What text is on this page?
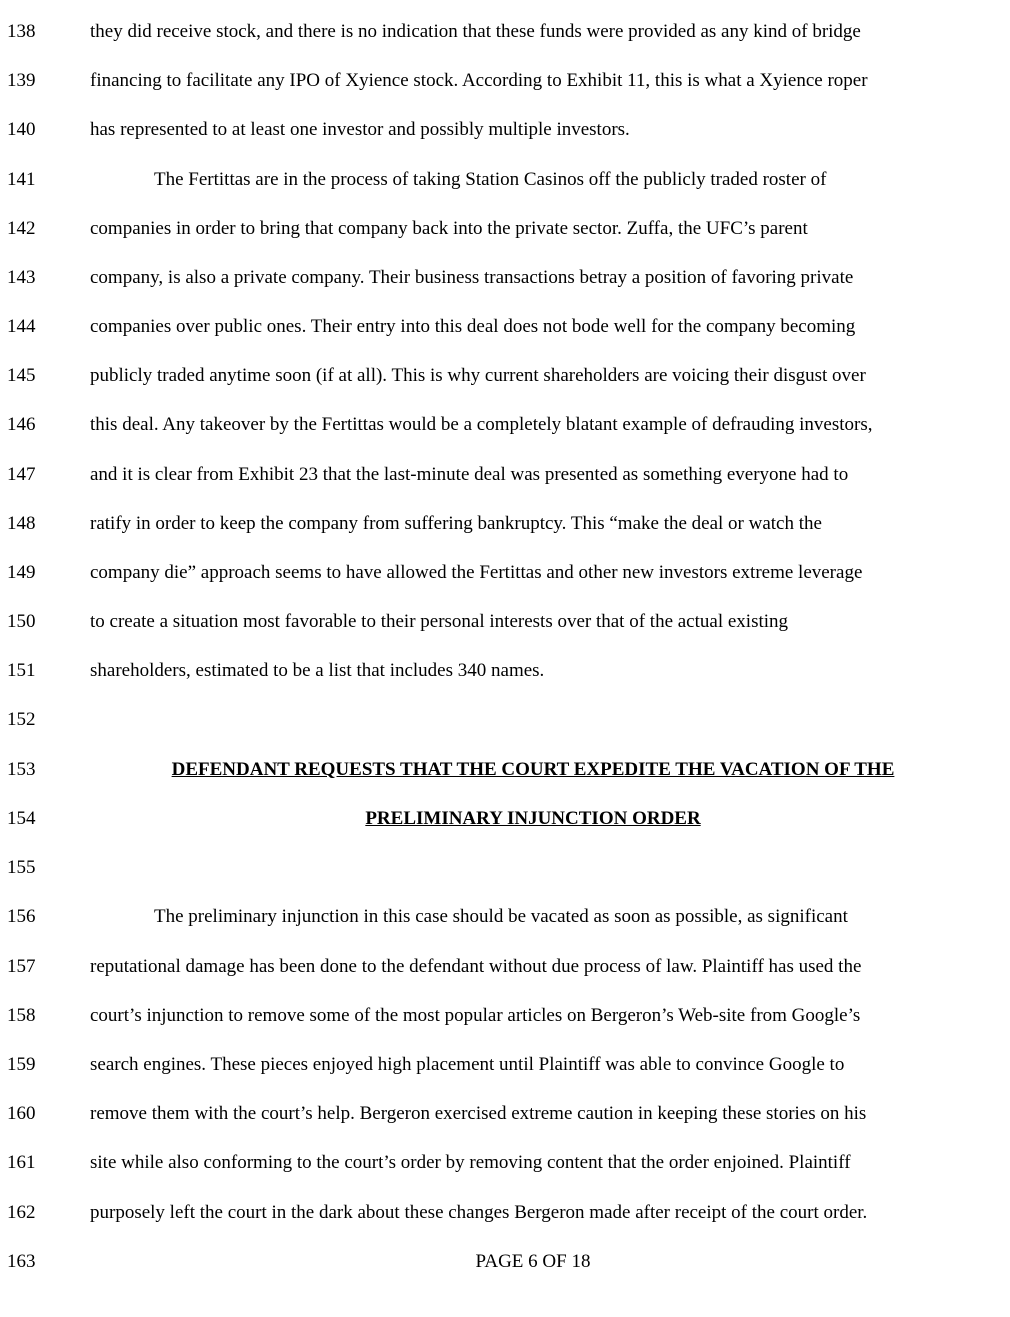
138	they did receive stock, and there is no indication that these funds were provided as any kind of bridge
139	financing to facilitate any IPO of Xyience stock. According to Exhibit 11, this is what a Xyience roper
140	has represented to at least one investor and possibly multiple investors.
141	The Fertittas are in the process of taking Station Casinos off the publicly traded roster of
142	companies in order to bring that company back into the private sector. Zuffa, the UFC’s parent
143	company, is also a private company. Their business transactions betray a position of favoring private
144	companies over public ones. Their entry into this deal does not bode well for the company becoming
145	publicly traded anytime soon (if at all). This is why current shareholders are voicing their disgust over
146	this deal. Any takeover by the Fertittas would be a completely blatant example of defrauding investors,
147	and it is clear from Exhibit 23 that the last-minute deal was presented as something everyone had to
148	ratify in order to keep the company from suffering bankruptcy. This “make the deal or watch the
149	company die” approach seems to have allowed the Fertittas and other new investors extreme leverage
150	to create a situation most favorable to their personal interests over that of the actual existing
151	shareholders, estimated to be a list that includes 340 names.
152
153	DEFENDANT REQUESTS THAT THE COURT EXPEDITE THE VACATION OF THE
154	PRELIMINARY INJUNCTION ORDER
155
156	The preliminary injunction in this case should be vacated as soon as possible, as significant
157	reputational damage has been done to the defendant without due process of law. Plaintiff has used the
158	court’s injunction to remove some of the most popular articles on Bergeron’s Web-site from Google’s
159	search engines. These pieces enjoyed high placement until Plaintiff was able to convince Google to
160	remove them with the court’s help. Bergeron exercised extreme caution in keeping these stories on his
161	site while also conforming to the court’s order by removing content that the order enjoined. Plaintiff
162	purposely left the court in the dark about these changes Bergeron made after receipt of the court order.
163	PAGE 6 OF 18
